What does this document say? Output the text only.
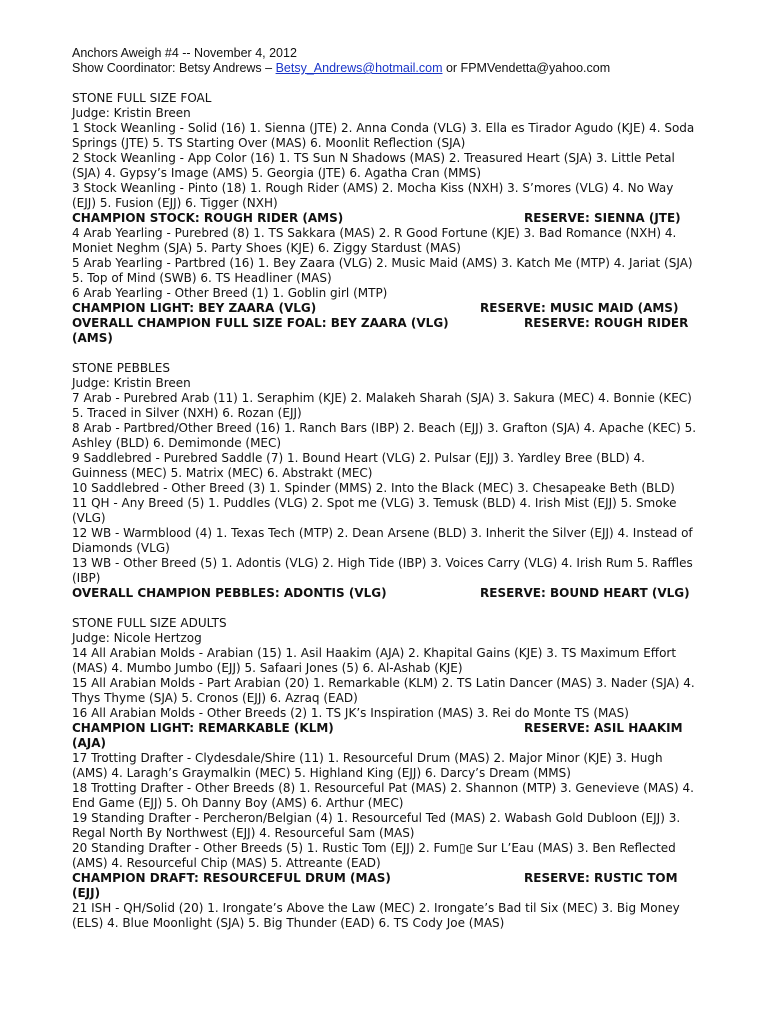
Anchors Aweigh #4 -- November 4, 2012
Show Coordinator: Betsy Andrews – Betsy_Andrews@hotmail.com or FPMVendetta@yahoo.com
STONE FULL SIZE FOAL
Judge: Kristin Breen
1 Stock Weanling - Solid (16) 1. Sienna (JTE) 2. Anna Conda (VLG) 3. Ella es Tirador Agudo (KJE) 4. Soda Springs (JTE) 5. TS Starting Over (MAS) 6. Moonlit Reflection (SJA)
2 Stock Weanling - App Color (16) 1. TS Sun N Shadows (MAS) 2. Treasured Heart (SJA) 3. Little Petal (SJA) 4. Gypsy’s Image (AMS) 5. Georgia (JTE) 6. Agatha Cran (MMS)
3 Stock Weanling - Pinto (18) 1. Rough Rider (AMS) 2. Mocha Kiss (NXH) 3. S’mores (VLG) 4. No Way (EJJ) 5. Fusion (EJJ) 6. Tigger (NXH)
CHAMPION STOCK: ROUGH RIDER (AMS)	RESERVE: SIENNA (JTE)
4 Arab Yearling - Purebred (8) 1. TS Sakkara (MAS) 2. R Good Fortune (KJE) 3. Bad Romance (NXH) 4. Moniet Neghm (SJA) 5. Party Shoes (KJE) 6. Ziggy Stardust (MAS)
5 Arab Yearling - Partbred (16) 1. Bey Zaara (VLG) 2. Music Maid (AMS) 3. Katch Me (MTP) 4. Jariat (SJA) 5. Top of Mind (SWB) 6. TS Headliner (MAS)
6 Arab Yearling - Other Breed (1) 1. Goblin girl (MTP)
CHAMPION LIGHT: BEY ZAARA (VLG)	RESERVE: MUSIC MAID (AMS)
OVERALL CHAMPION FULL SIZE FOAL: BEY ZAARA (VLG)	RESERVE: ROUGH RIDER (AMS)
STONE PEBBLES
Judge: Kristin Breen
7 Arab - Purebred Arab (11) 1. Seraphim (KJE) 2. Malakeh Sharah (SJA) 3. Sakura (MEC) 4. Bonnie (KEC) 5. Traced in Silver (NXH) 6. Rozan (EJJ)
8 Arab - Partbred/Other Breed (16) 1. Ranch Bars (IBP) 2. Beach (EJJ) 3. Grafton (SJA) 4. Apache (KEC) 5. Ashley (BLD) 6. Demimonde (MEC)
9 Saddlebred - Purebred Saddle (7) 1. Bound Heart (VLG) 2. Pulsar (EJJ) 3. Yardley Bree (BLD) 4. Guinness (MEC) 5. Matrix (MEC) 6. Abstrakt (MEC)
10 Saddlebred - Other Breed (3) 1. Spinder (MMS) 2. Into the Black (MEC) 3. Chesapeake Beth (BLD)
11 QH - Any Breed (5) 1. Puddles (VLG) 2. Spot me (VLG) 3. Temusk (BLD) 4. Irish Mist (EJJ) 5. Smoke (VLG)
12 WB - Warmblood (4) 1. Texas Tech (MTP) 2. Dean Arsene (BLD) 3. Inherit the Silver (EJJ) 4. Instead of Diamonds (VLG)
13 WB - Other Breed (5) 1. Adontis (VLG) 2. High Tide (IBP) 3. Voices Carry (VLG) 4. Irish Rum 5. Raffles (IBP)
OVERALL CHAMPION PEBBLES: ADONTIS (VLG)	RESERVE: BOUND HEART (VLG)
STONE FULL SIZE ADULTS
Judge: Nicole Hertzog
14 All Arabian Molds - Arabian (15) 1. Asil Haakim (AJA) 2. Khapital Gains (KJE) 3. TS Maximum Effort (MAS) 4. Mumbo Jumbo (EJJ) 5. Safaari Jones (5) 6. Al-Ashab (KJE)
15 All Arabian Molds - Part Arabian (20) 1. Remarkable (KLM) 2. TS Latin Dancer (MAS) 3. Nader (SJA) 4. Thys Thyme (SJA) 5. Cronos (EJJ) 6. Azraq (EAD)
16 All Arabian Molds - Other Breeds (2) 1. TS JK’s Inspiration (MAS) 3. Rei do Monte TS (MAS)
CHAMPION LIGHT: REMARKABLE (KLM)	RESERVE: ASIL HAAKIM (AJA)
17 Trotting Drafter - Clydesdale/Shire (11) 1. Resourceful Drum (MAS) 2. Major Minor (KJE) 3. Hugh (AMS) 4. Laragh’s Graymalkin (MEC) 5. Highland King (EJJ) 6. Darcy’s Dream (MMS)
18 Trotting Drafter - Other Breeds (8) 1. Resourceful Pat (MAS) 2. Shannon (MTP) 3. Genevieve (MAS) 4. End Game (EJJ) 5. Oh Danny Boy (AMS) 6. Arthur (MEC)
19 Standing Drafter - Percheron/Belgian (4) 1. Resourceful Ted (MAS) 2. Wabash Gold Dubloon (EJJ) 3. Regal North By Northwest (EJJ) 4. Resourceful Sam (MAS)
20 Standing Drafter - Other Breeds (5) 1. Rustic Tom (EJJ) 2. Fum▯e Sur L’Eau (MAS) 3. Ben Reflected (AMS) 4. Resourceful Chip (MAS) 5. Attreante (EAD)
CHAMPION DRAFT: RESOURCEFUL DRUM (MAS)	RESERVE: RUSTIC TOM (EJJ)
21 ISH - QH/Solid (20) 1. Irongate’s Above the Law (MEC) 2. Irongate’s Bad til Six (MEC) 3. Big Money (ELS) 4. Blue Moonlight (SJA) 5. Big Thunder (EAD) 6. TS Cody Joe (MAS)
